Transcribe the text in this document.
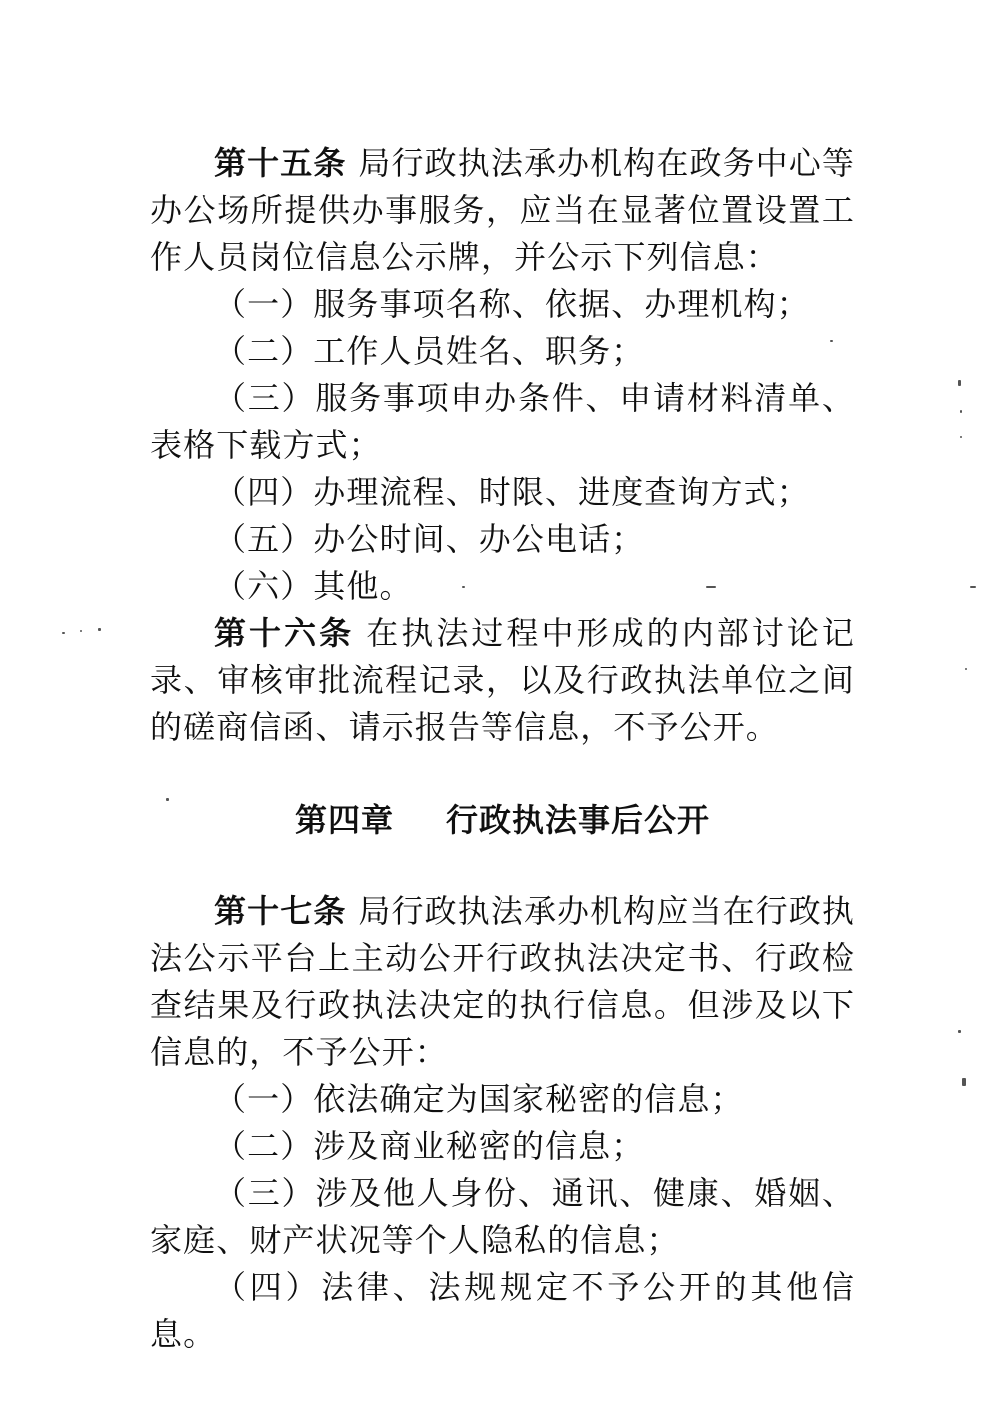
第十五条 局行政执法承办机构在政务中心等办公场所提供办事服务，应当在显著位置设置工作人员岗位信息公示牌，并公示下列信息：

（一）服务事项名称、依据、办理机构；

（二）工作人员姓名、职务；

（三）服务事项申办条件、申请材料清单、表格下载方式；

（四）办理流程、时限、进度查询方式；

（五）办公时间、办公电话；

（六）其他。

第十六条 在执法过程中形成的内部讨论记录、审核审批流程记录，以及行政执法单位之间的磋商信函、请示报告等信息，不予公开。

第四章 行政执法事后公开

第十七条 局行政执法承办机构应当在行政执法公示平台上主动公开行政执法决定书、行政检查结果及行政执法决定的执行信息。但涉及以下信息的，不予公开：

（一）依法确定为国家秘密的信息；

（二）涉及商业秘密的信息；

（三）涉及他人身份、通讯、健康、婚姻、家庭、财产状况等个人隐私的信息；

（四）法律、法规规定不予公开的其他信息。
